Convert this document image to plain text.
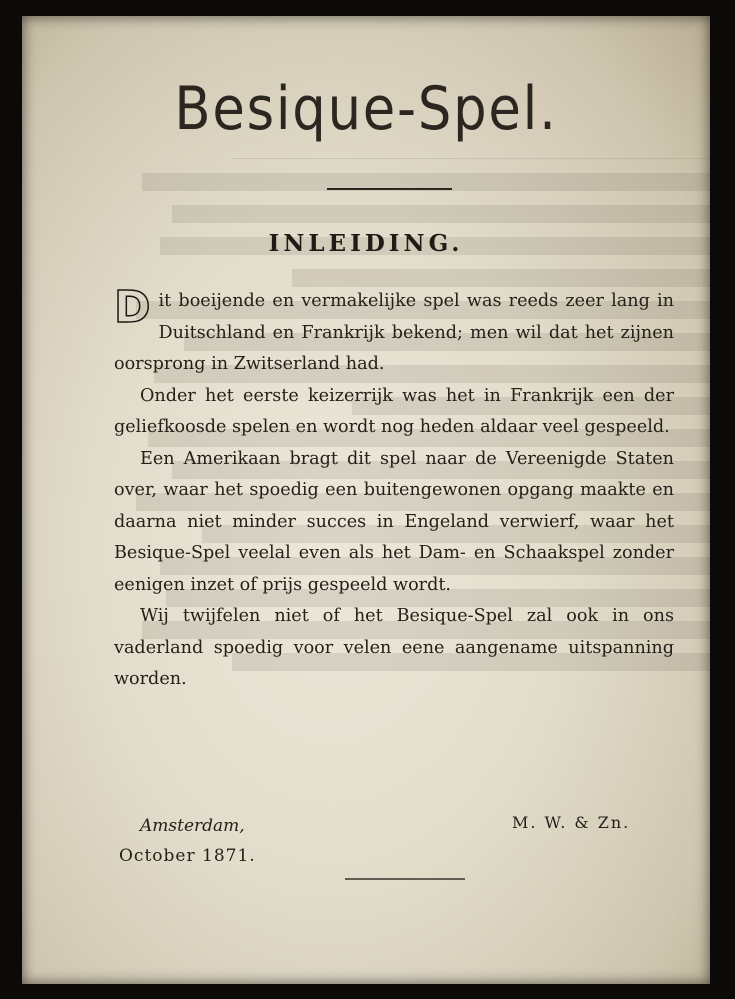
Besique-Spel.
INLEIDING.

Dit boeijende en vermakelijke spel was reeds zeer lang in Duitschland en Frankrijk bekend; men wil dat het zijnen oorsprong in Zwitserland had.

Onder het eerste keizerrijk was het in Frankrijk een der geliefkoosde spelen en wordt nog heden aldaar veel gespeeld.

Een Amerikaan bragt dit spel naar de Vereenigde Staten over, waar het spoedig een buitengewonen opgang maakte en daarna niet minder succes in Engeland verwierf, waar het Besique-Spel veelal even als het Dam- en Schaakspel zonder eenigen inzet of prijs gespeeld wordt.

Wij twijfelen niet of het Besique-Spel zal ook in ons vaderland spoedig voor velen eene aangename uitspanning worden.

Amsterdam,
October 1871.
M. W. & Zn.
